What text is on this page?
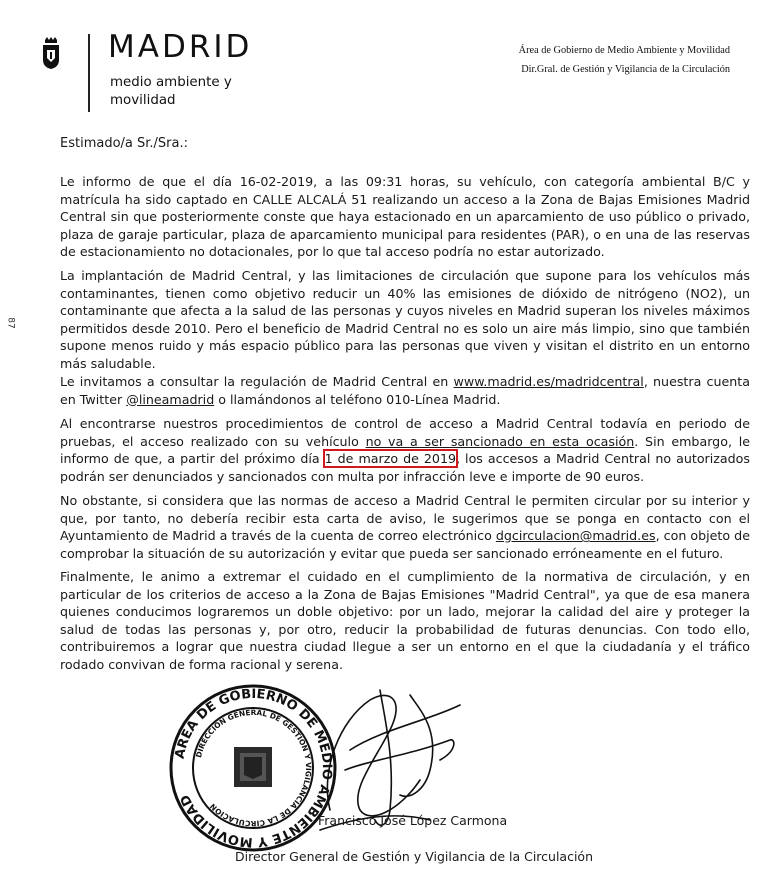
MADRID
medio ambiente y movilidad
Área de Gobierno de Medio Ambiente y Movilidad
Dir.Gral. de Gestión y Vigilancia de la Circulación
87
Estimado/a Sr./Sra.:
Le informo de que el día 16-02-2019, a las 09:31 horas, su vehículo, con categoría ambiental B/C y matrícula ha sido captado en CALLE ALCALÁ 51 realizando un acceso a la Zona de Bajas Emisiones Madrid Central sin que posteriormente conste que haya estacionado en un aparcamiento de uso público o privado, plaza de garaje particular, plaza de aparcamiento municipal para residentes (PAR), o en una de las reservas de estacionamiento no dotacionales, por lo que tal acceso podría no estar autorizado.
La implantación de Madrid Central, y las limitaciones de circulación que supone para los vehículos más contaminantes, tienen como objetivo reducir un 40% las emisiones de dióxido de nitrógeno (NO2), un contaminante que afecta a la salud de las personas y cuyos niveles en Madrid superan los niveles máximos permitidos desde 2010. Pero el beneficio de Madrid Central no es solo un aire más limpio, sino que también supone menos ruido y más espacio público para las personas que viven y visitan el distrito en un entorno más saludable.
Le invitamos a consultar la regulación de Madrid Central en www.madrid.es/madridcentral, nuestra cuenta en Twitter @lineamadrid o llamándonos al teléfono 010-Línea Madrid.
Al encontrarse nuestros procedimientos de control de acceso a Madrid Central todavía en periodo de pruebas, el acceso realizado con su vehículo no va a ser sancionado en esta ocasión. Sin embargo, le informo de que, a partir del próximo día 1 de marzo de 2019, los accesos a Madrid Central no autorizados podrán ser denunciados y sancionados con multa por infracción leve e importe de 90 euros.
No obstante, si considera que las normas de acceso a Madrid Central le permiten circular por su interior y que, por tanto, no debería recibir esta carta de aviso, le sugerimos que se ponga en contacto con el Ayuntamiento de Madrid a través de la cuenta de correo electrónico dgcirculacion@madrid.es, con objeto de comprobar la situación de su autorización y evitar que pueda ser sancionado erróneamente en el futuro.
Finalmente, le animo a extremar el cuidado en el cumplimiento de la normativa de circulación, y en particular de los criterios de acceso a la Zona de Bajas Emisiones "Madrid Central", ya que de esa manera quienes conducimos lograremos un doble objetivo: por un lado, mejorar la calidad del aire y proteger la salud de todas las personas y, por otro, reducir la probabilidad de futuras denuncias. Con todo ello, contribuiremos a lograr que nuestra ciudad llegue a ser un entorno en el que la ciudadanía y el tráfico rodado convivan de forma racional y serena.
ÁREA DE GOBIERNO DE MEDIO AMBIENTE Y MOVILIDAD
DIRECCIÓN GENERAL DE GESTIÓN Y VIGILANCIA DE LA CIRCULACIÓN
Francisco José López Carmona
Director General de Gestión y Vigilancia de la Circulación
